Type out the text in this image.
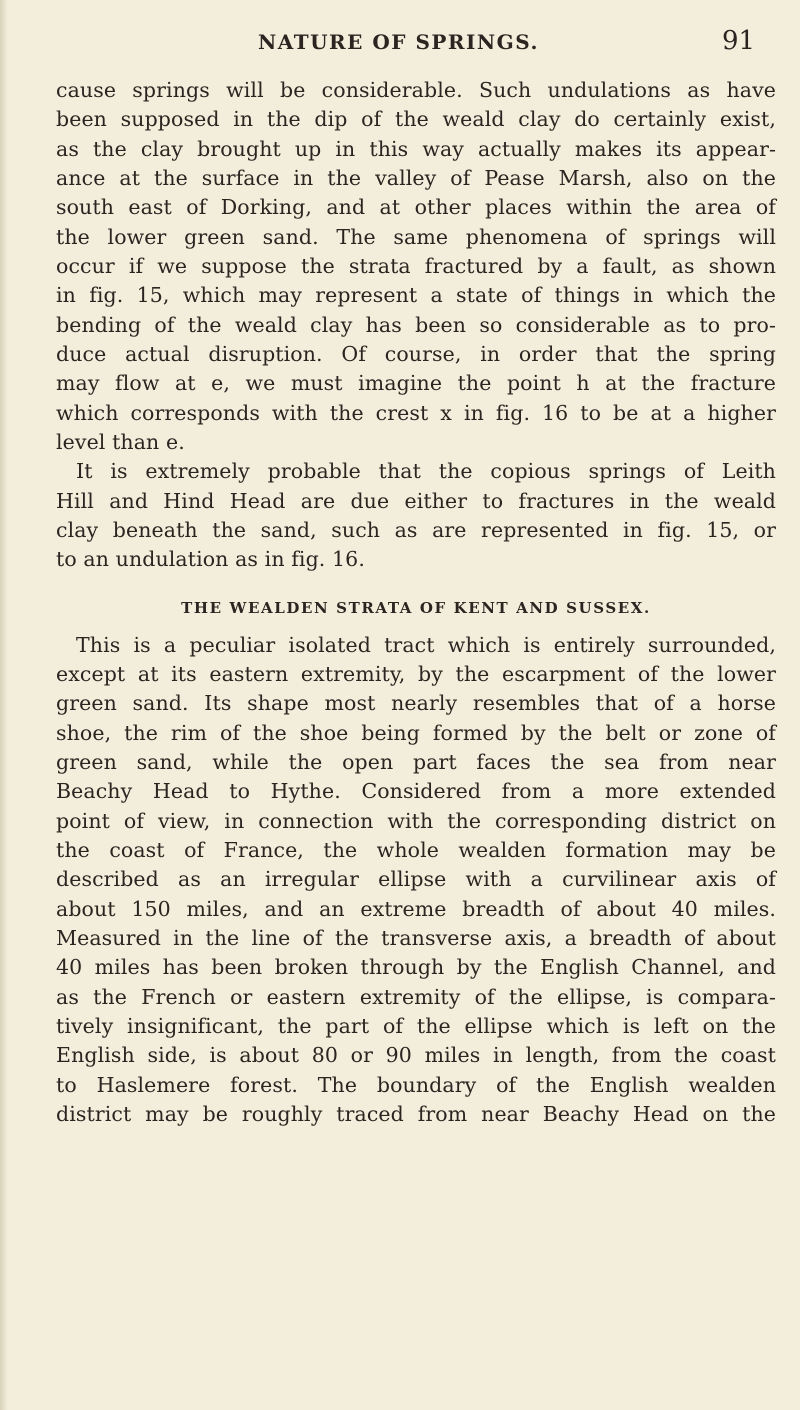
NATURE OF SPRINGS.	91
cause springs will be considerable. Such undulations as have
been supposed in the dip of the weald clay do certainly exist,
as the clay brought up in this way actually makes its appear-
ance at the surface in the valley of Pease Marsh, also on the
south east of Dorking, and at other places within the area of
the lower green sand. The same phenomena of springs will
occur if we suppose the strata fractured by a fault, as shown
in fig. 15, which may represent a state of things in which the
bending of the weald clay has been so considerable as to pro-
duce actual disruption. Of course, in order that the spring
may flow at e, we must imagine the point h at the fracture
which corresponds with the crest x in fig. 16 to be at a higher
level than e.
It is extremely probable that the copious springs of Leith
Hill and Hind Head are due either to fractures in the weald
clay beneath the sand, such as are represented in fig. 15, or
to an undulation as in fig. 16.
THE WEALDEN STRATA OF KENT AND SUSSEX.
This is a peculiar isolated tract which is entirely surrounded,
except at its eastern extremity, by the escarpment of the lower
green sand. Its shape most nearly resembles that of a horse
shoe, the rim of the shoe being formed by the belt or zone of
green sand, while the open part faces the sea from near
Beachy Head to Hythe. Considered from a more extended
point of view, in connection with the corresponding district on
the coast of France, the whole wealden formation may be
described as an irregular ellipse with a curvilinear axis of
about 150 miles, and an extreme breadth of about 40 miles.
Measured in the line of the transverse axis, a breadth of about
40 miles has been broken through by the English Channel, and
as the French or eastern extremity of the ellipse, is compara-
tively insignificant, the part of the ellipse which is left on the
English side, is about 80 or 90 miles in length, from the coast
to Haslemere forest. The boundary of the English wealden
district may be roughly traced from near Beachy Head on the
